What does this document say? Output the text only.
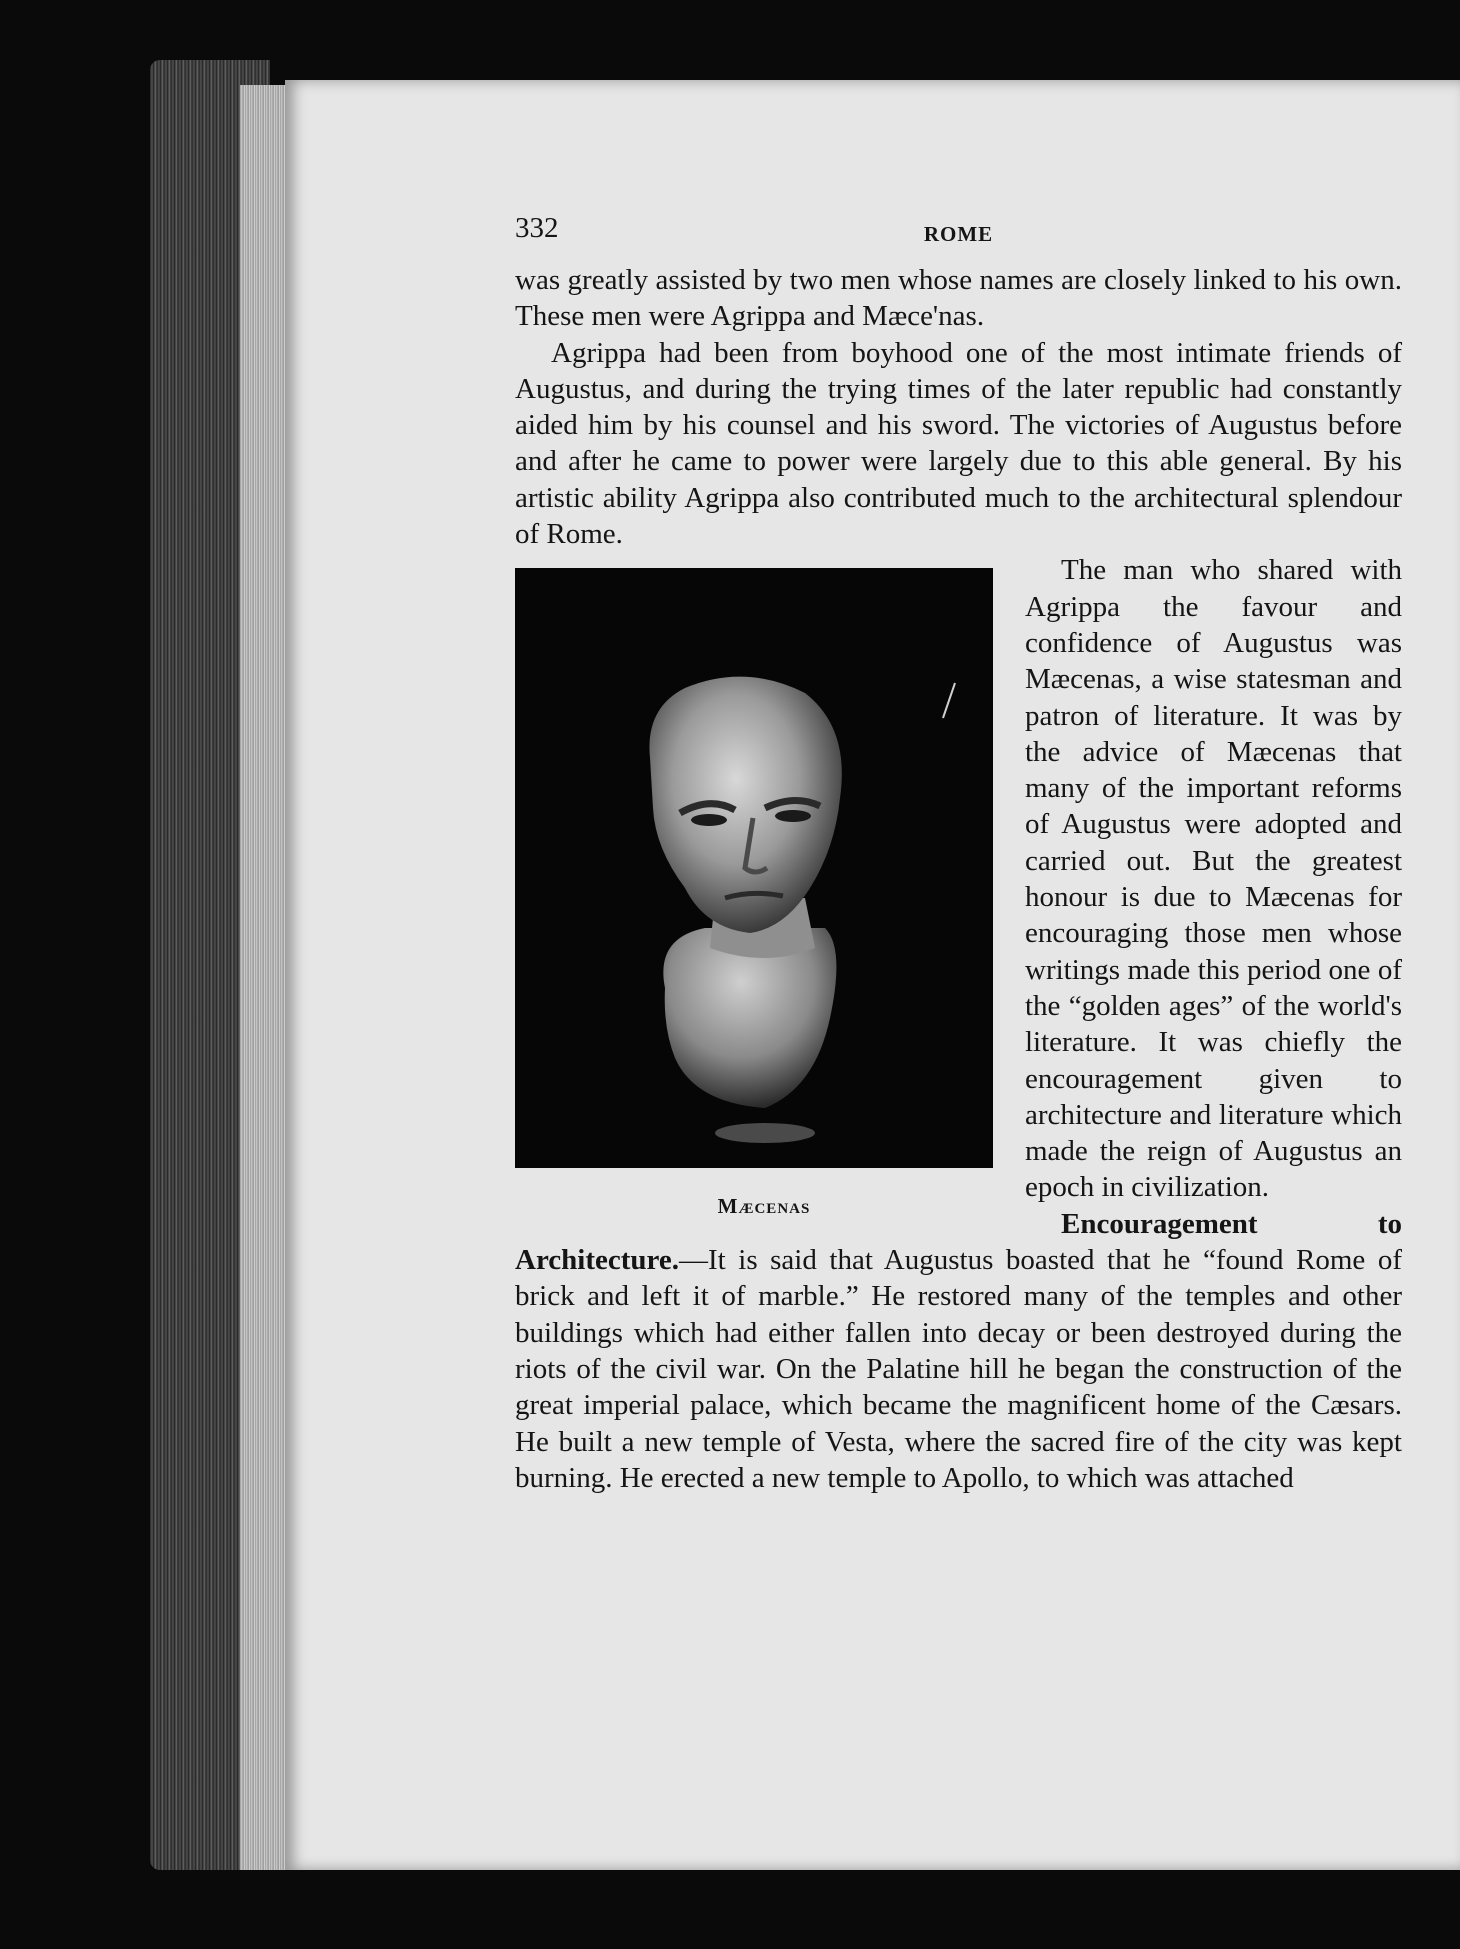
332	ROME

was greatly assisted by two men whose names are closely linked to his own. These men were Agrippa and Mæce'nas.

Agrippa had been from boyhood one of the most intimate friends of Augustus, and during the trying times of the later republic had constantly aided him by his counsel and his sword. The victories of Augustus before and after he came to power were largely due to this able general. By his artistic ability Agrippa also contributed much to the architectural splendour of Rome.

Mæcenas

The man who shared with Agrippa the favour and confidence of Augustus was Mæcenas, a wise statesman and patron of literature. It was by the advice of Mæcenas that many of the important reforms of Augustus were adopted and carried out. But the greatest honour is due to Mæcenas for encouraging those men whose writings made this period one of the “golden ages” of the world's literature. It was chiefly the encouragement given to architecture and literature which made the reign of Augustus an epoch in civilization.

Encouragement to Architecture.—It is said that Augustus boasted that he “found Rome of brick and left it of marble.” He restored many of the temples and other buildings which had either fallen into decay or been destroyed during the riots of the civil war. On the Palatine hill he began the construction of the great imperial palace, which became the magnificent home of the Cæsars. He built a new temple of Vesta, where the sacred fire of the city was kept burning. He erected a new temple to Apollo, to which was attached
